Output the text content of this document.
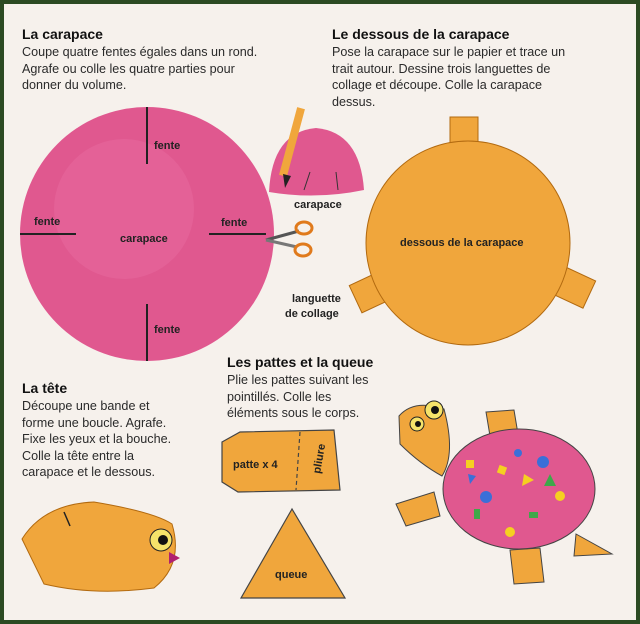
fente
fente	fente
fente
carapace
carapace
dessous de la carapace
languette
de collage
patte x 4	pliure
queue
La carapace

Coupe quatre fentes égales dans un rond.

Agrafe ou colle les quatre parties pour

donner du volume.

Le dessous de la carapace

Pose la carapace sur le papier et trace un

trait autour. Dessine trois languettes de

collage et découpe. Colle la carapace

dessus.

La tête

Découpe une bande et

forme une boucle. Agrafe.

Fixe les yeux et la bouche.

Colle la tête entre la

carapace et le dessous.

Les pattes et la queue

Plie les pattes suivant les

pointillés. Colle les

éléments sous le corps.
